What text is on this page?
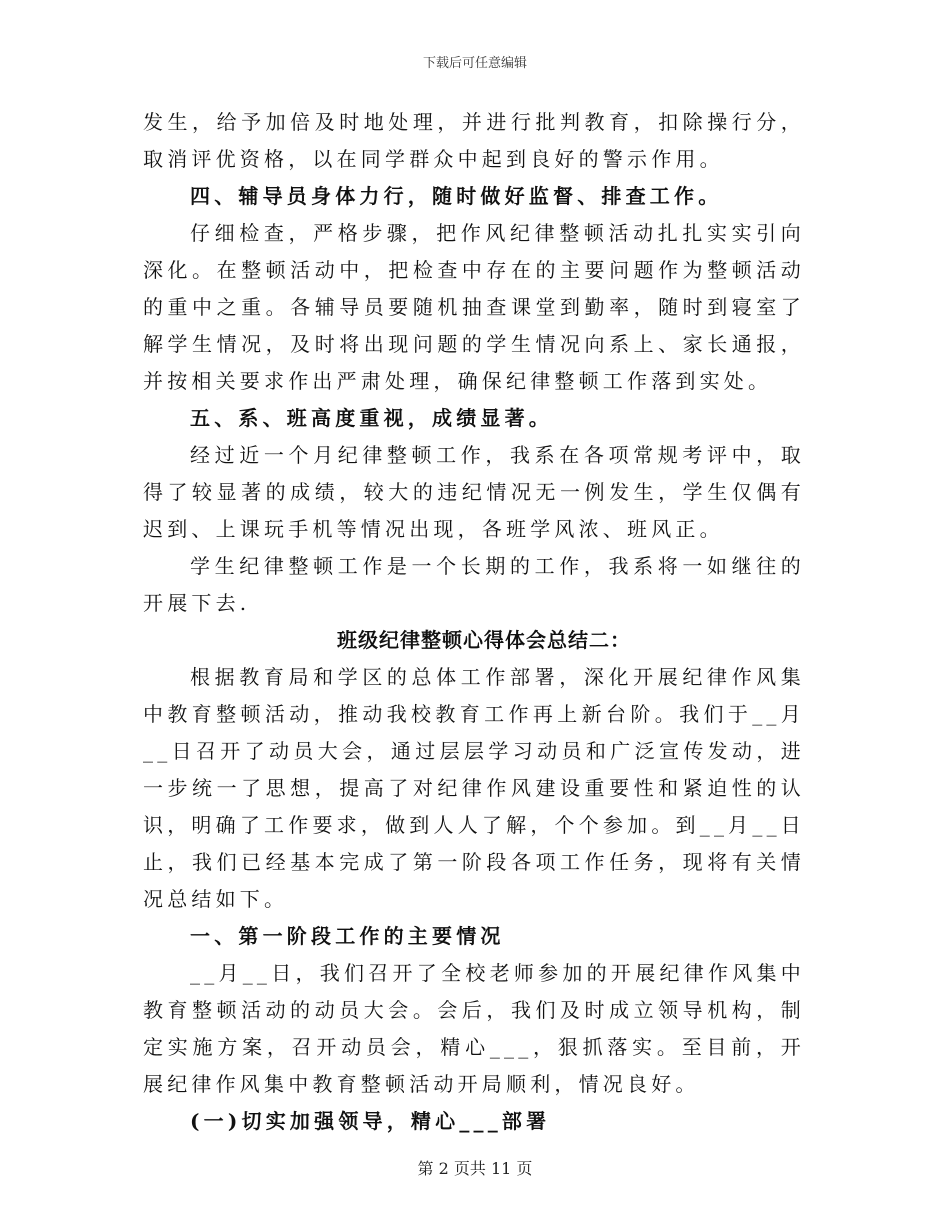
下载后可任意编辑

发生，给予加倍及时地处理，并进行批判教育，扣除操行分，取消评优资格，以在同学群众中起到良好的警示作用。

四、辅导员身体力行，随时做好监督、排查工作。

仔细检查，严格步骤，把作风纪律整顿活动扎扎实实引向深化。在整顿活动中，把检查中存在的主要问题作为整顿活动的重中之重。各辅导员要随机抽查课堂到勤率，随时到寝室了解学生情况，及时将出现问题的学生情况向系上、家长通报，并按相关要求作出严肃处理，确保纪律整顿工作落到实处。

五、系、班高度重视，成绩显著。

经过近一个月纪律整顿工作，我系在各项常规考评中，取得了较显著的成绩，较大的违纪情况无一例发生，学生仅偶有迟到、上课玩手机等情况出现，各班学风浓、班风正。

学生纪律整顿工作是一个长期的工作，我系将一如继往的开展下去.

班级纪律整顿心得体会总结二：

根据教育局和学区的总体工作部署，深化开展纪律作风集中教育整顿活动，推动我校教育工作再上新台阶。我们于__月__日召开了动员大会，通过层层学习动员和广泛宣传发动，进一步统一了思想，提高了对纪律作风建设重要性和紧迫性的认识，明确了工作要求，做到人人了解，个个参加。到__月__日止，我们已经基本完成了第一阶段各项工作任务，现将有关情况总结如下。

一、第一阶段工作的主要情况

__月__日，我们召开了全校老师参加的开展纪律作风集中教育整顿活动的动员大会。会后，我们及时成立领导机构，制定实施方案，召开动员会，精心___，狠抓落实。至目前，开展纪律作风集中教育整顿活动开局顺利，情况良好。

(一)切实加强领导，精心___部署

第 2 页共 11 页
